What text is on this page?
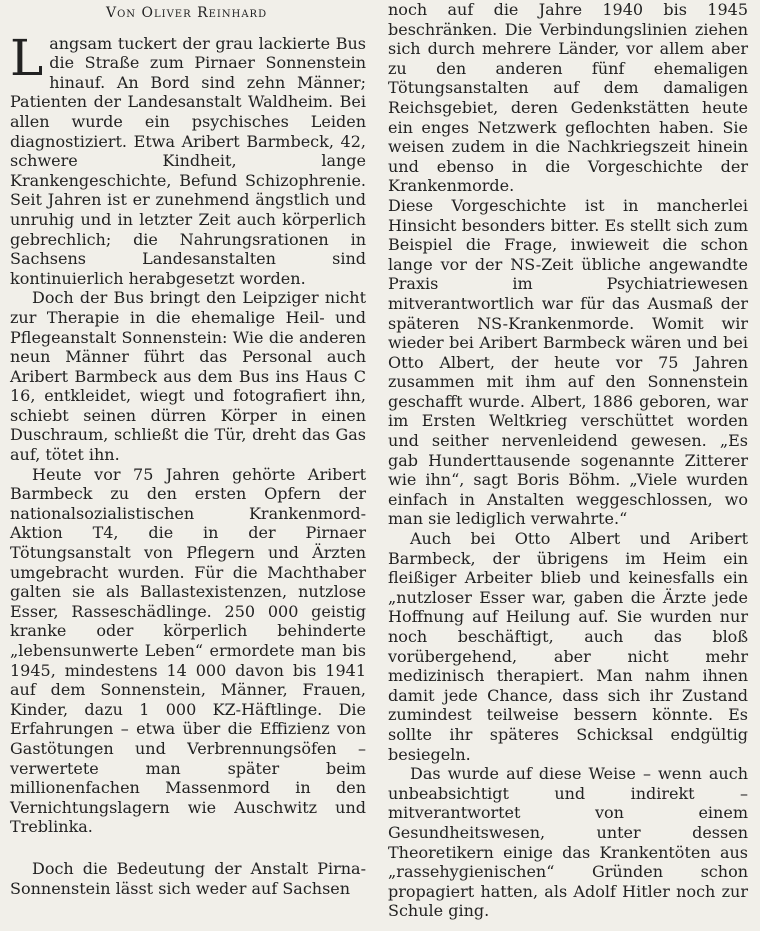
Von Oliver Reinhard

Langsam tuckert der grau lackierte Bus die Straße zum Pirnaer Sonnenstein hinauf. An Bord sind zehn Männer; Patienten der Landesanstalt Waldheim. Bei allen wurde ein psychisches Leiden diagnostiziert. Etwa Aribert Barmbeck, 42, schwere Kindheit, lange Krankengeschichte, Befund Schizophrenie. Seit Jahren ist er zunehmend ängstlich und unruhig und in letzter Zeit auch körperlich gebrechlich; die Nahrungsrationen in Sachsens Landesanstalten sind kontinuierlich herabgesetzt worden.

Doch der Bus bringt den Leipziger nicht zur Therapie in die ehemalige Heil- und Pflegeanstalt Sonnenstein: Wie die anderen neun Männer führt das Personal auch Aribert Barmbeck aus dem Bus ins Haus C 16, entkleidet, wiegt und fotografiert ihn, schiebt seinen dürren Körper in einen Duschraum, schließt die Tür, dreht das Gas auf, tötet ihn.

Heute vor 75 Jahren gehörte Aribert Barmbeck zu den ersten Opfern der nationalsozialistischen Krankenmord-Aktion T4, die in der Pirnaer Tötungsanstalt von Pflegern und Ärzten umgebracht wurden. Für die Machthaber galten sie als Ballastexistenzen, nutzlose Esser, Rasseschädlinge. 250 000 geistig kranke oder körperlich behinderte „lebensunwerte Leben“ ermordete man bis 1945, mindestens 14 000 davon bis 1941 auf dem Sonnenstein, Männer, Frauen, Kinder, dazu 1 000 KZ-Häftlinge. Die Erfahrungen – etwa über die Effizienz von Gastötungen und Verbrennungsöfen – verwertete man später beim millionenfachen Massenmord in den Vernichtungslagern wie Auschwitz und Treblinka.

Doch die Bedeutung der Anstalt Pirna-Sonnenstein lässt sich weder auf Sachsen

noch auf die Jahre 1940 bis 1945 beschränken. Die Verbindungslinien ziehen sich durch mehrere Länder, vor allem aber zu den anderen fünf ehemaligen Tötungsanstalten auf dem damaligen Reichsgebiet, deren Gedenkstätten heute ein enges Netzwerk geflochten haben. Sie weisen zudem in die Nachkriegszeit hinein und ebenso in die Vorgeschichte der Krankenmorde.

Diese Vorgeschichte ist in mancherlei Hinsicht besonders bitter. Es stellt sich zum Beispiel die Frage, inwieweit die schon lange vor der NS-Zeit übliche angewandte Praxis im Psychiatriewesen mitverantwortlich war für das Ausmaß der späteren NS-Krankenmorde. Womit wir wieder bei Aribert Barmbeck wären und bei Otto Albert, der heute vor 75 Jahren zusammen mit ihm auf den Sonnenstein geschafft wurde. Albert, 1886 geboren, war im Ersten Weltkrieg verschüttet worden und seither nervenleidend gewesen. „Es gab Hunderttausende sogenannte Zitterer wie ihn“, sagt Boris Böhm. „Viele wurden einfach in Anstalten weggeschlossen, wo man sie lediglich verwahrte.“

Auch bei Otto Albert und Aribert Barmbeck, der übrigens im Heim ein fleißiger Arbeiter blieb und keinesfalls ein „nutzloser Esser war, gaben die Ärzte jede Hoffnung auf Heilung auf. Sie wurden nur noch beschäftigt, auch das bloß vorübergehend, aber nicht mehr medizinisch therapiert. Man nahm ihnen damit jede Chance, dass sich ihr Zustand zumindest teilweise bessern könnte. Es sollte ihr späteres Schicksal endgültig besiegeln.

Das wurde auf diese Weise – wenn auch unbeabsichtigt und indirekt – mitverantwortet von einem Gesundheitswesen, unter dessen Theoretikern einige das Krankentöten aus „rassehygienischen“ Gründen schon propagiert hatten, als Adolf Hitler noch zur Schule ging.
